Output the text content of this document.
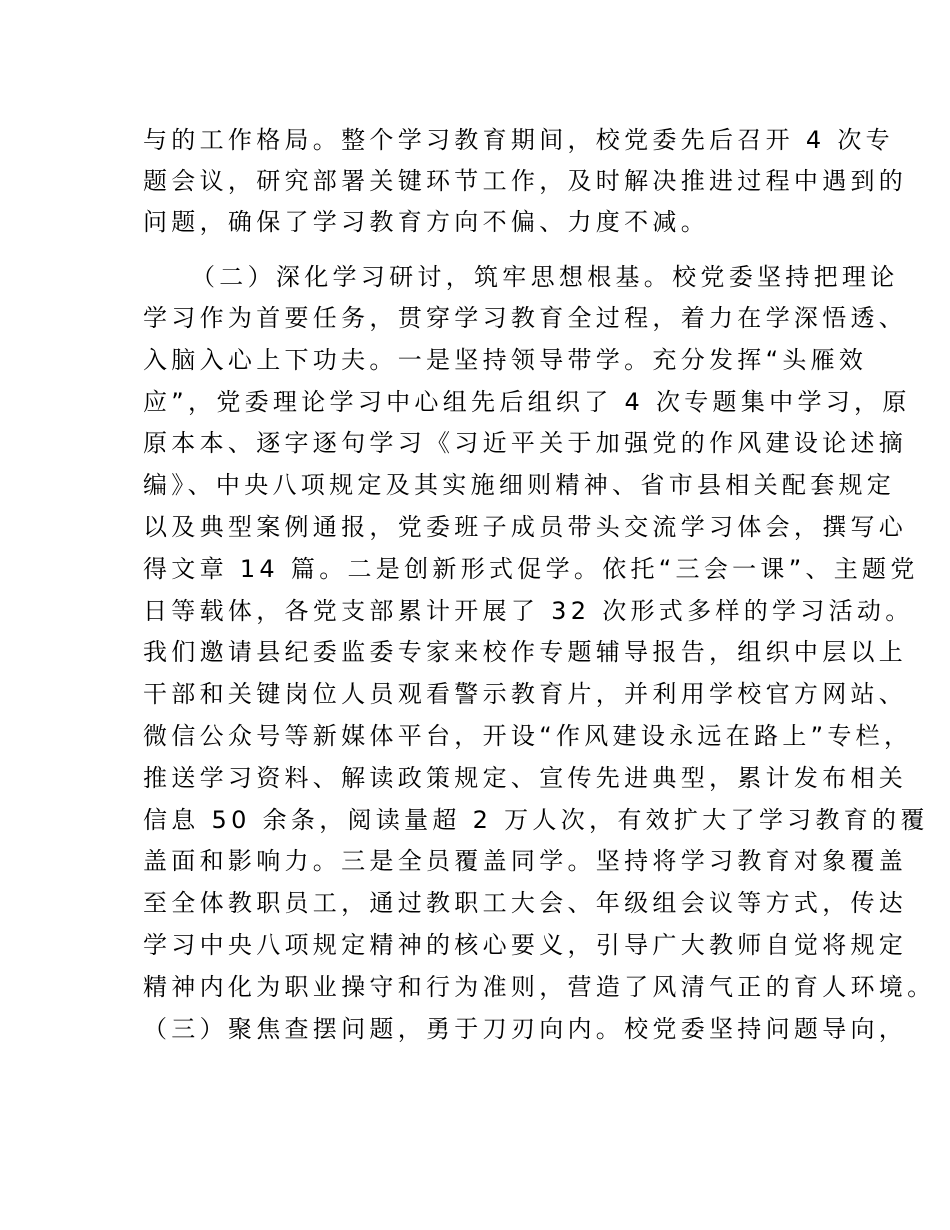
与的工作格局。整个学习教育期间，校党委先后召开 4 次专
题会议，研究部署关键环节工作，及时解决推进过程中遇到的
问题，确保了学习教育方向不偏、力度不减。
（二）深化学习研讨，筑牢思想根基。校党委坚持把理论
学习作为首要任务，贯穿学习教育全过程，着力在学深悟透、
入脑入心上下功夫。一是坚持领导带学。充分发挥“头雁效
应”，党委理论学习中心组先后组织了 4 次专题集中学习，原
原本本、逐字逐句学习《习近平关于加强党的作风建设论述摘
编》、中央八项规定及其实施细则精神、省市县相关配套规定
以及典型案例通报，党委班子成员带头交流学习体会，撰写心
得文章 14 篇。二是创新形式促学。依托“三会一课”、主题党
日等载体，各党支部累计开展了 32 次形式多样的学习活动。
我们邀请县纪委监委专家来校作专题辅导报告，组织中层以上
干部和关键岗位人员观看警示教育片，并利用学校官方网站、
微信公众号等新媒体平台，开设“作风建设永远在路上”专栏，
推送学习资料、解读政策规定、宣传先进典型，累计发布相关
信息 50 余条，阅读量超 2 万人次，有效扩大了学习教育的覆
盖面和影响力。三是全员覆盖同学。坚持将学习教育对象覆盖
至全体教职员工，通过教职工大会、年级组会议等方式，传达
学习中央八项规定精神的核心要义，引导广大教师自觉将规定
精神内化为职业操守和行为准则，营造了风清气正的育人环境。
（三）聚焦查摆问题，勇于刀刃向内。校党委坚持问题导向，
